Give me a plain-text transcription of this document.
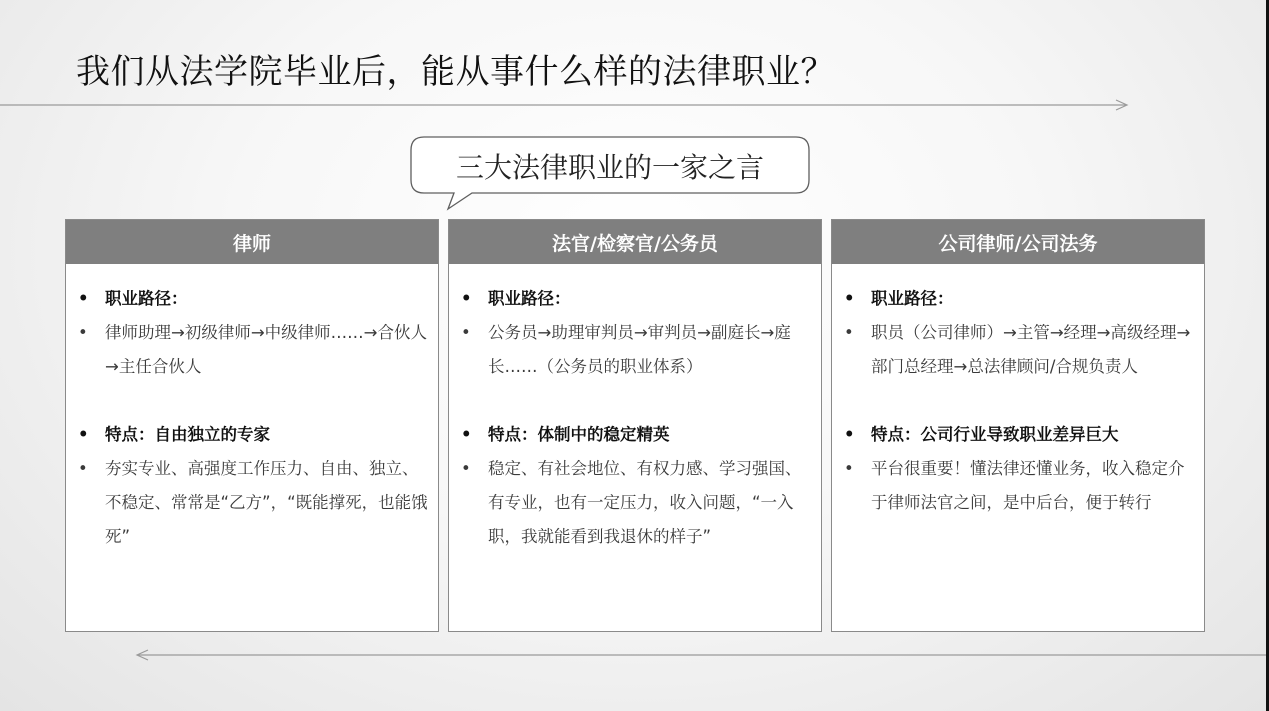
我们从法学院毕业后，能从事什么样的法律职业？
三大法律职业的一家之言
律师
• 职业路径：
•	律师助理→初级律师→中级律师……→合伙人→主任合伙人
• 特点：自由独立的专家
•	夯实专业、高强度工作压力、自由、独立、不稳定、常常是“乙方”，“既能撑死，也能饿死”
法官/检察官/公务员
• 职业路径：
•	公务员→助理审判员→审判员→副庭长→庭长……（公务员的职业体系）
• 特点：体制中的稳定精英
•	稳定、有社会地位、有权力感、学习强国、有专业，也有一定压力，收入问题，“一入职，我就能看到我退休的样子”
公司律师/公司法务
• 职业路径：
•	职员（公司律师）→主管→经理→高级经理→部门总经理→总法律顾问/合规负责人
• 特点：公司行业导致职业差异巨大
•	平台很重要！懂法律还懂业务，收入稳定介于律师法官之间，是中后台，便于转行
